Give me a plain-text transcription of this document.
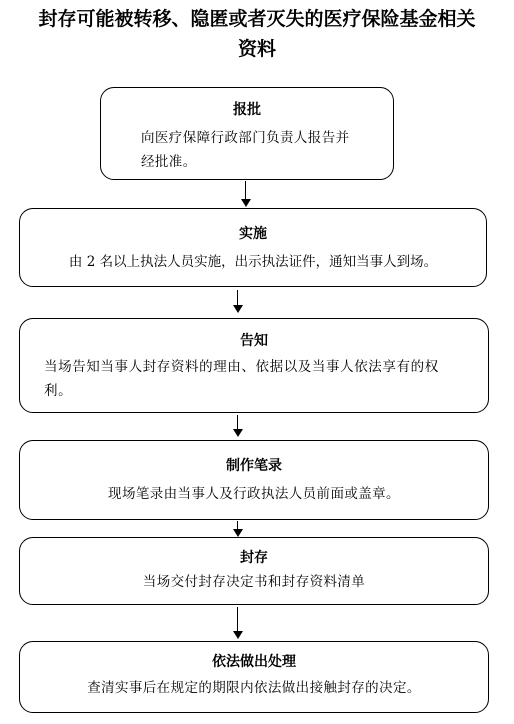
封存可能被转移、隐匿或者灭失的医疗保险基金相关
资料
报批
向医疗保障行政部门负责人报告并经批准。
实施
由 2 名以上执法人员实施，出示执法证件，通知当事人到场。
告知
当场告知当事人封存资料的理由、依据以及当事人依法享有的权利。
制作笔录
现场笔录由当事人及行政执法人员前面或盖章。
封存
当场交付封存决定书和封存资料清单
依法做出处理
查清实事后在规定的期限内依法做出接触封存的决定。
